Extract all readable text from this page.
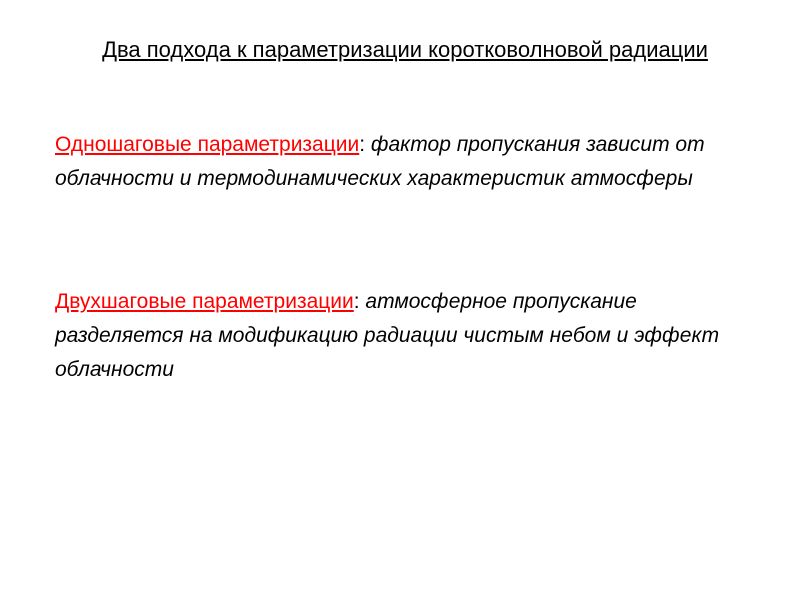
Два подхода к параметризации коротковолновой радиации
Одношаговые параметризации: фактор пропускания зависит от облачности и термодинамических характеристик атмосферы
Двухшаговые параметризации: атмосферное пропускание разделяется на модификацию радиации чистым небом и эффект облачности
